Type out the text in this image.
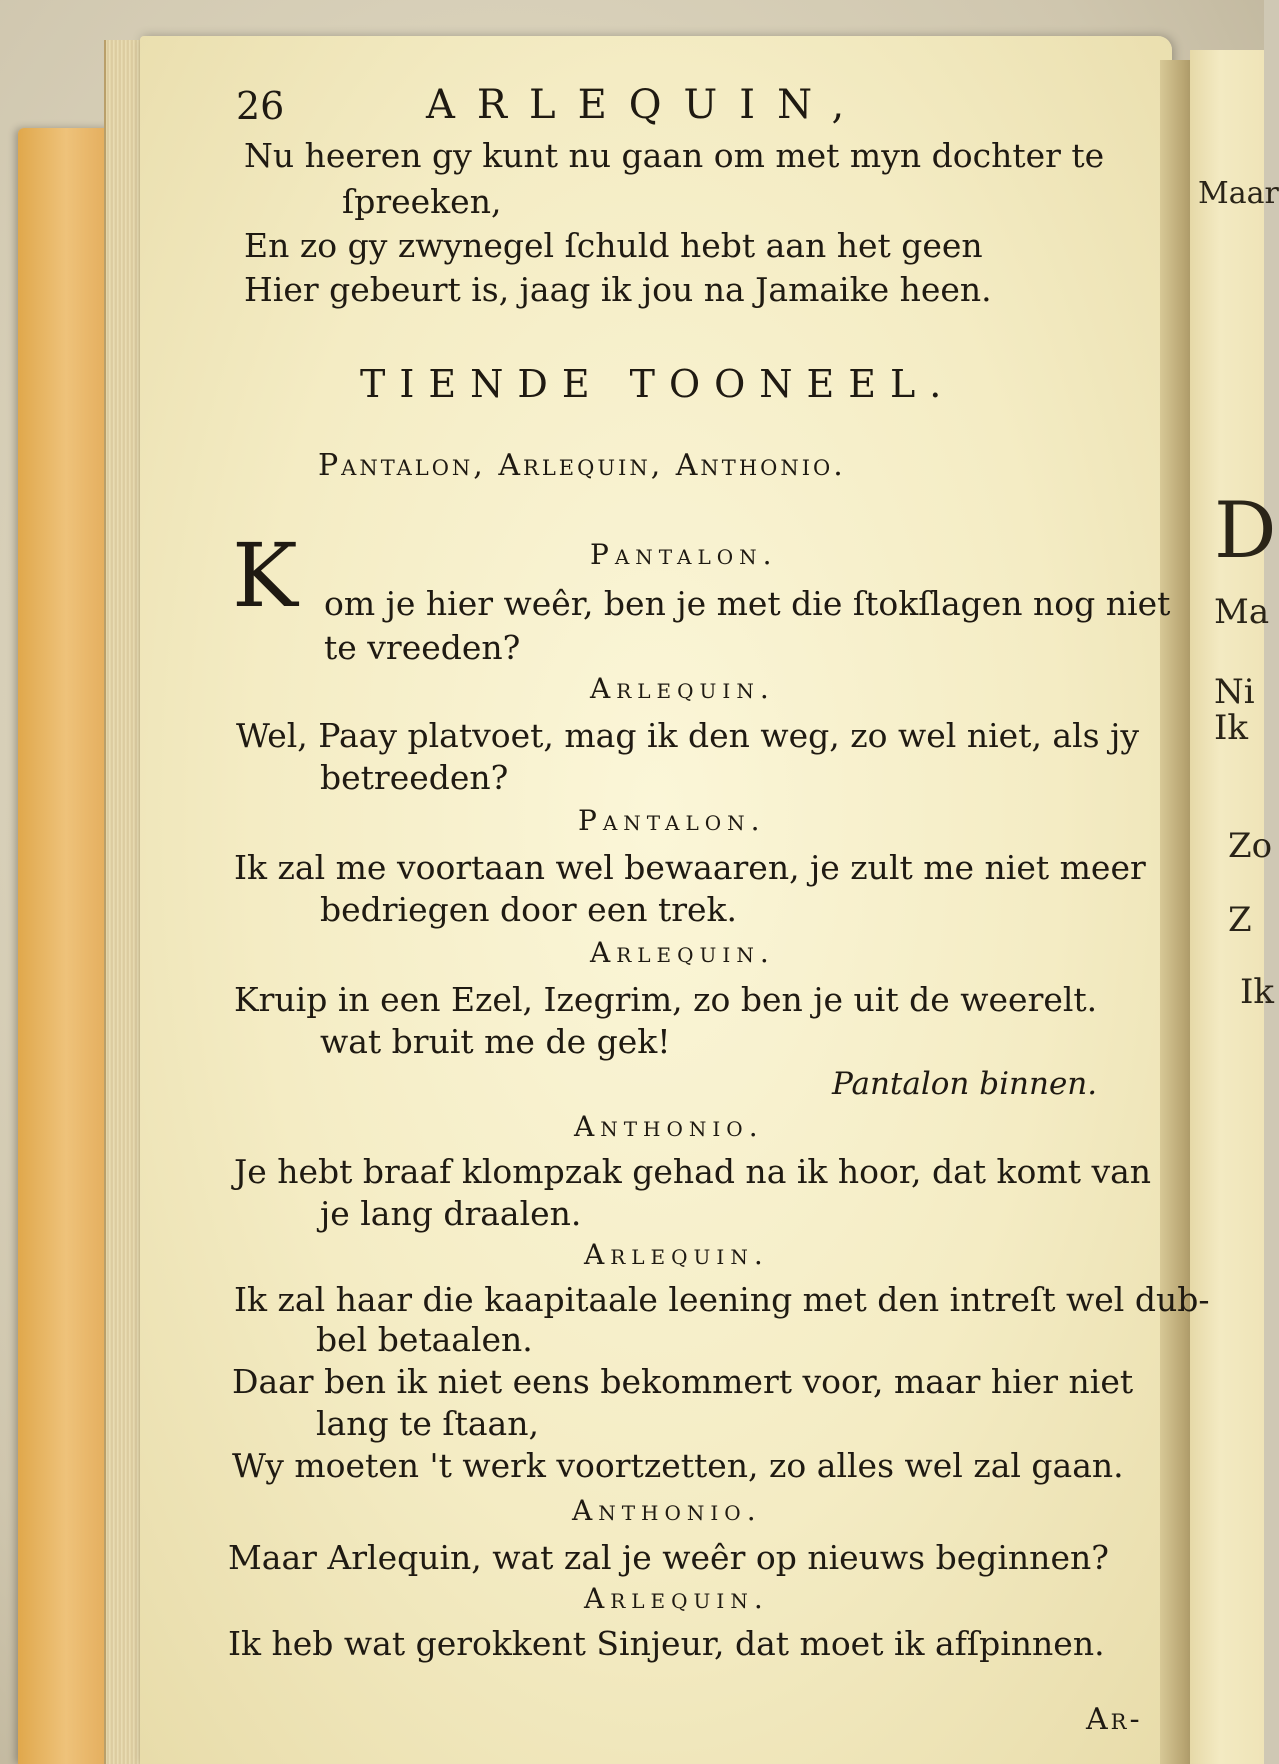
Maar
D
Ma
Ni
Ik
Zo
Z
Ik
26	ARLEQUIN,
Nu heeren gy kunt nu gaan om met myn dochter te
ſpreeken,
En zo gy zwynegel ſchuld hebt aan het geen
Hier gebeurt is, jaag ik jou na Jamaike heen.
TIENDE TOONEEL.
Pantalon, Arlequin, Anthonio.
Pantalon.
K om je hier weêr, ben je met die ſtokſlagen nog niet
te vreeden?
Arlequin.
Wel, Paay platvoet, mag ik den weg, zo wel niet, als jy
betreeden?
Pantalon.
Ik zal me voortaan wel bewaaren, je zult me niet meer
bedriegen door een trek.
Arlequin.
Kruip in een Ezel, Izegrim, zo ben je uit de weerelt.
wat bruit me de gek!
Pantalon binnen.
Anthonio.
Je hebt braaf klompzak gehad na ik hoor, dat komt van
je lang draalen.
Arlequin.
Ik zal haar die kaapitaale leening met den intreſt wel dub-
bel betaalen.
Daar ben ik niet eens bekommert voor, maar hier niet
lang te ſtaan,
Wy moeten 't werk voortzetten, zo alles wel zal gaan.
Anthonio.
Maar Arlequin, wat zal je weêr op nieuws beginnen?
Arlequin.
Ik heb wat gerokkent Sinjeur, dat moet ik afſpinnen.
Ar-
